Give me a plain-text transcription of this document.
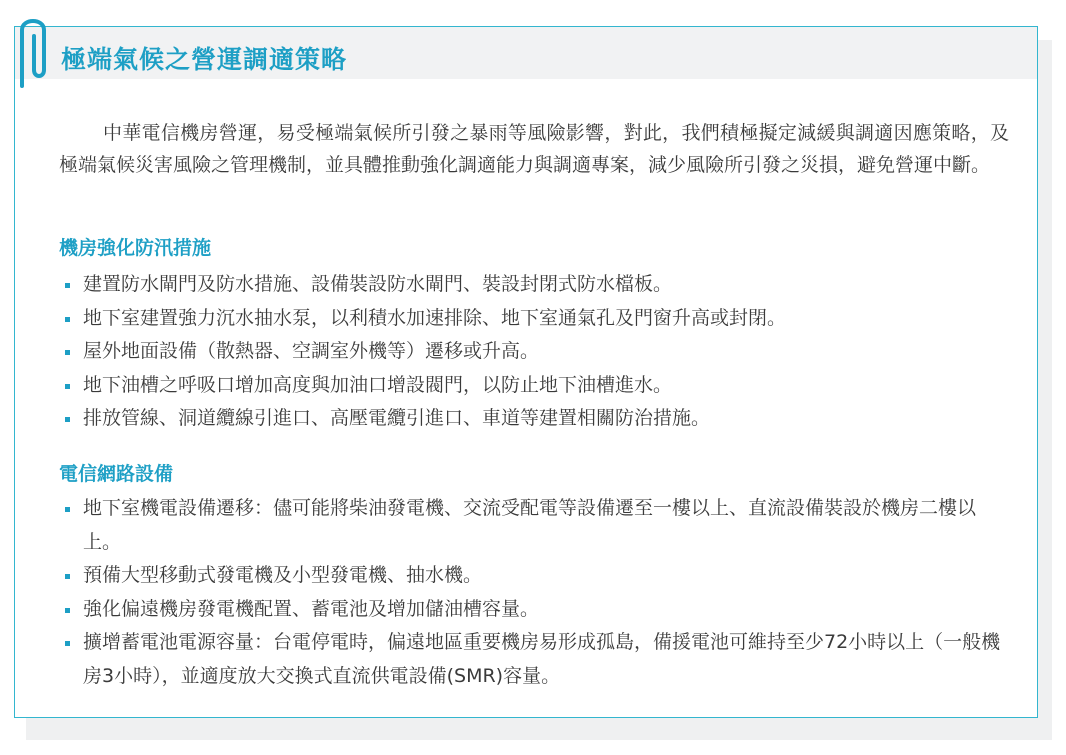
極端氣候之營運調適策略

中華電信機房營運，易受極端氣候所引發之暴雨等風險影響，對此，我們積極擬定減緩與調適因應策略，及極端氣候災害風險之管理機制，並具體推動強化調適能力與調適專案，減少風險所引發之災損，避免營運中斷。

機房強化防汛措施
建置防水閘門及防水措施、設備裝設防水閘門、裝設封閉式防水檔板。
地下室建置強力沉水抽水泵，以利積水加速排除、地下室通氣孔及門窗升高或封閉。
屋外地面設備（散熱器、空調室外機等）遷移或升高。
地下油槽之呼吸口增加高度與加油口增設閥門，以防止地下油槽進水。
排放管線、洞道纜線引進口、高壓電纜引進口、車道等建置相關防治措施。
電信網路設備
地下室機電設備遷移：儘可能將柴油發電機、交流受配電等設備遷至一樓以上、直流設備裝設於機房二樓以上。
預備大型移動式發電機及小型發電機、抽水機。
強化偏遠機房發電機配置、蓄電池及增加儲油槽容量。
擴增蓄電池電源容量：台電停電時，偏遠地區重要機房易形成孤島，備援電池可維持至少72小時以上（一般機房3小時），並適度放大交換式直流供電設備(SMR)容量。
